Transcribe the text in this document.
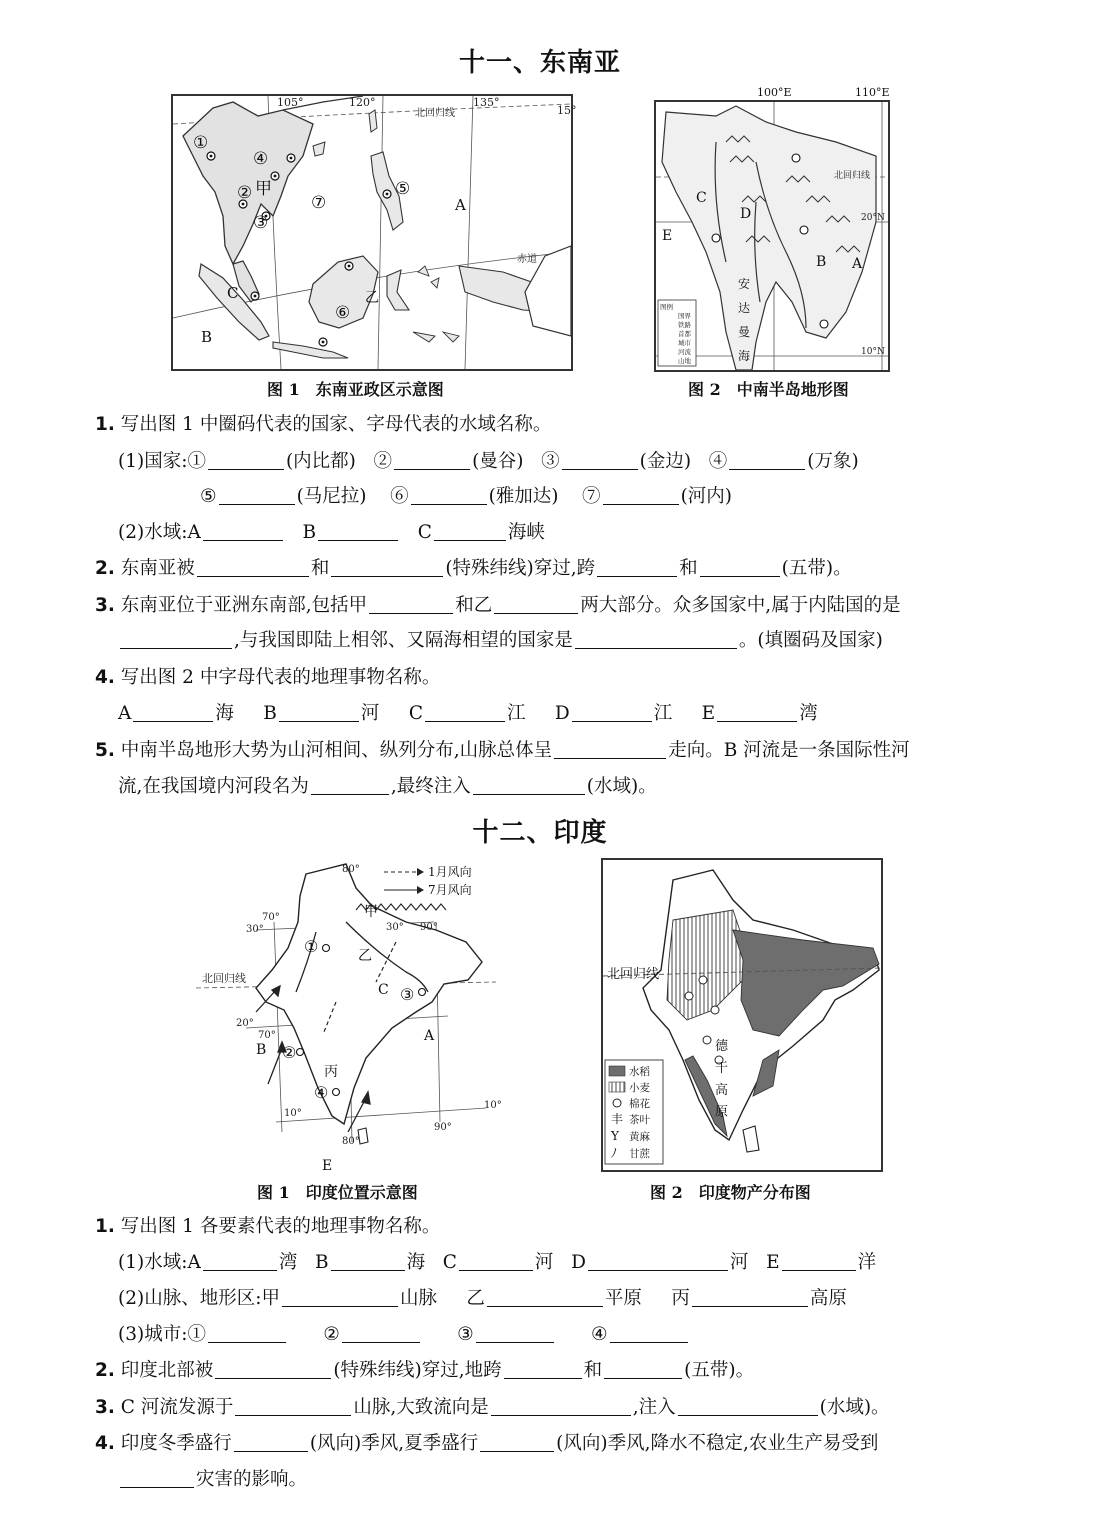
十一、东南亚
105°	120°	135°
15°
北回归线
赤道
①
②
③
④
⑤
⑥
⑦
甲
乙
A
B
C
图 1　东南亚政区示意图
图例
国界
铁路
首都
城市
河流
山地
北回归线
20°N
10°N
A
B
C
D
E
安
达
曼
海
100°E	110°E
图 2　中南半岛地形图
1. 写出图 1 中圈码代表的国家、字母代表的水域名称。
(1)国家:①	(内比都) ②	(曼谷) ③	(金边) ④	(万象)
⑤	(马尼拉) ⑥	(雅加达) ⑦	(河内)
(2)水域:A	B	C	海峡
2. 东南亚被	和	(特殊纬线)穿过,跨	和	(五带)。
3. 东南亚位于亚洲东南部,包括甲	和乙	两大部分。众多国家中,属于内陆国的是
,与我国即陆上相邻、又隔海相望的国家是	。(填圈码及国家)
4. 写出图 2 中字母代表的地理事物名称。
A	海 B	河 C	江 D	江 E	湾
5. 中南半岛地形大势为山河相间、纵列分布,山脉总体呈	走向。B 河流是一条国际性河
流,在我国境内河段名为	,最终注入	(水域)。
十二、印度
1月风向
7月风向
80°
70°
90°
30°	30°
20°
70°
10°
10°
80°
90°
北回归线
甲
乙
丙
A
B
C
E
①
②
③
④
图 1　印度位置示意图
丰
Y
ﾉ
水稻
小麦
棉花
茶叶
黄麻
甘蔗
北回归线
德
干
高
原
图 2　印度物产分布图
1. 写出图 1 各要素代表的地理事物名称。
(1)水域:A	湾 B	海 C	河 D	河 E	洋
(2)山脉、地形区:甲	山脉 乙	平原 丙	高原
(3)城市:①	②	③	④
2. 印度北部被	(特殊纬线)穿过,地跨	和	(五带)。
3. C 河流发源于	山脉,大致流向是	,注入	(水域)。
4. 印度冬季盛行	(风向)季风,夏季盛行	(风向)季风,降水不稳定,农业生产易受到
灾害的影响。
